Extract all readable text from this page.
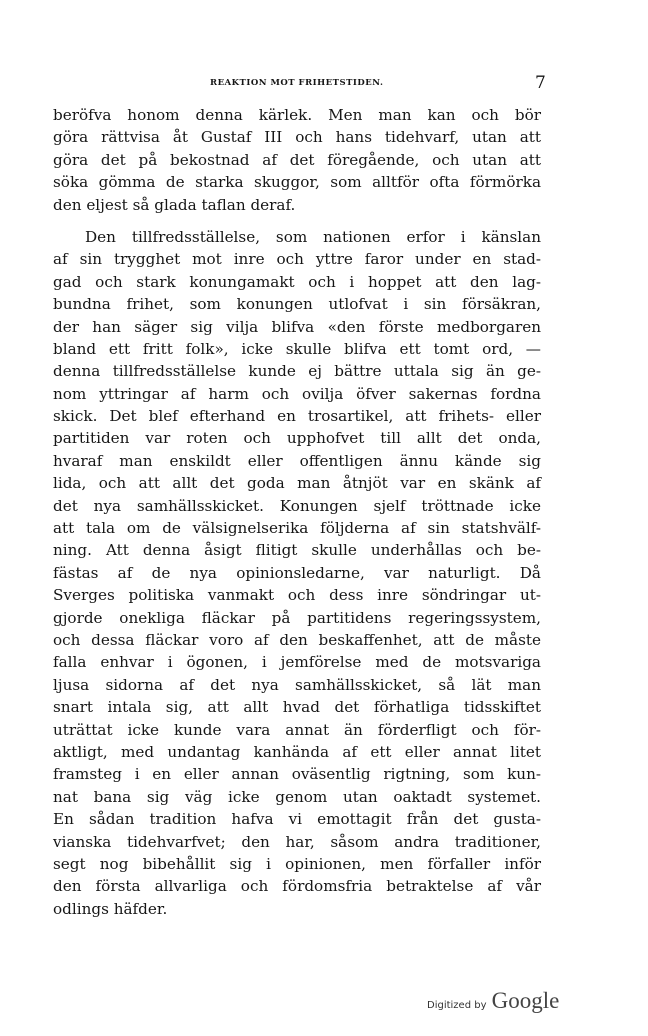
REAKTION MOT FRIHETSTIDEN.	7
beröfva honom denna kärlek. Men man kan och bör
göra rättvisa åt Gustaf III och hans tidehvarf, utan att
göra det på bekostnad af det föregående, och utan att
söka gömma de starka skuggor, som alltför ofta förmörka
den eljest så glada taflan deraf.
Den tillfredsställelse, som nationen erfor i känslan
af sin trygghet mot inre och yttre faror under en stad-
gad och stark konungamakt och i hoppet att den lag-
bundna frihet, som konungen utlofvat i sin försäkran,
der han säger sig vilja blifva «den förste medborgaren
bland ett fritt folk», icke skulle blifva ett tomt ord, —
denna tillfredsställelse kunde ej bättre uttala sig än ge-
nom yttringar af harm och ovilja öfver sakernas fordna
skick. Det blef efterhand en trosartikel, att frihets- eller
partitiden var roten och upphofvet till allt det onda,
hvaraf man enskildt eller offentligen ännu kände sig
lida, och att allt det goda man åtnjöt var en skänk af
det nya samhällsskicket. Konungen sjelf tröttnade icke
att tala om de välsignelserika följderna af sin statshvälf-
ning. Att denna åsigt flitigt skulle underhållas och be-
fästas af de nya opinionsledarne, var naturligt. Då
Sverges politiska vanmakt och dess inre söndringar ut-
gjorde onekliga fläckar på partitidens regeringssystem,
och dessa fläckar voro af den beskaffenhet, att de måste
falla enhvar i ögonen, i jemförelse med de motsvariga
ljusa sidorna af det nya samhällsskicket, så lät man
snart intala sig, att allt hvad det förhatliga tidsskiftet
uträttat icke kunde vara annat än förderfligt och för-
aktligt, med undantag kanhända af ett eller annat litet
framsteg i en eller annan oväsentlig rigtning, som kun-
nat bana sig väg icke genom utan oaktadt systemet.
En sådan tradition hafva vi emottagit från det gusta-
vianska tidehvarfvet; den har, såsom andra traditioner,
segt nog bibehållit sig i opinionen, men förfaller inför
den första allvarliga och fördomsfria betraktelse af vår
odlings häfder.
Digitized by Google
